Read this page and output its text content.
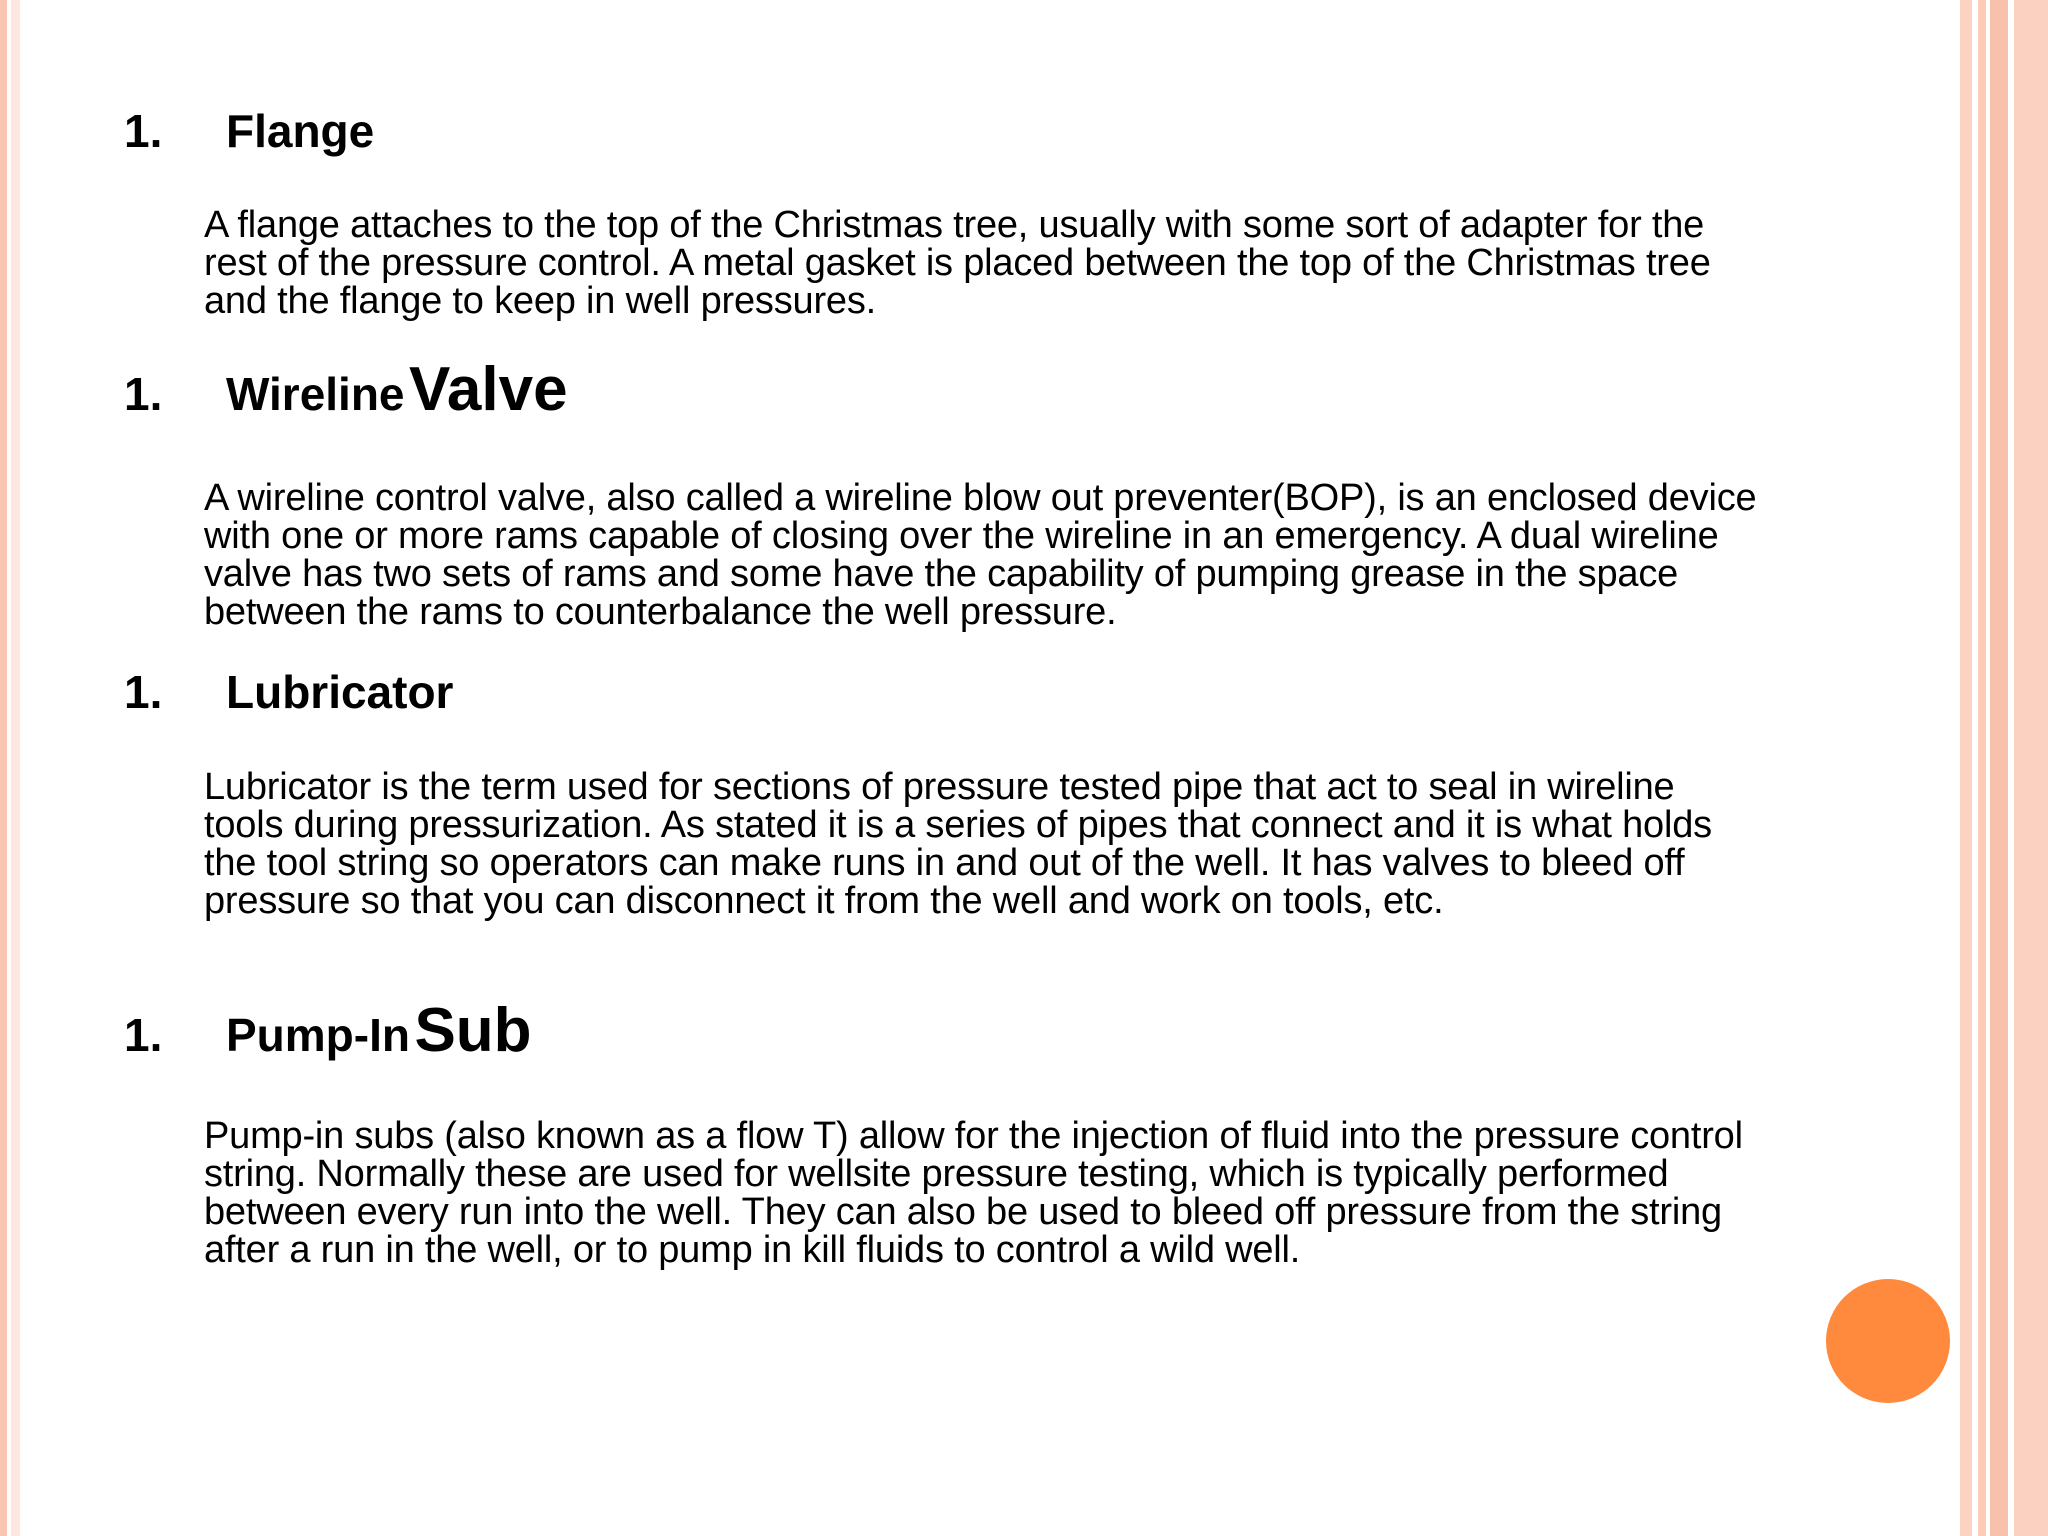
1. Flange
A flange attaches to the top of the Christmas tree, usually with some sort of adapter for the rest of the pressure control. A metal gasket is placed between the top of the Christmas tree and the flange to keep in well pressures.
1. Wireline Valve
A wireline control valve, also called a wireline blow out preventer(BOP), is an enclosed device with one or more rams capable of closing over the wireline in an emergency. A dual wireline valve has two sets of rams and some have the capability of pumping grease in the space between the rams to counterbalance the well pressure.
1. Lubricator
Lubricator is the term used for sections of pressure tested pipe that act to seal in wireline tools during pressurization. As stated it is a series of pipes that connect and it is what holds the tool string so operators can make runs in and out of the well. It has valves to bleed off pressure so that you can disconnect it from the well and work on tools, etc.
1. Pump-In Sub
Pump-in subs (also known as a flow T) allow for the injection of fluid into the pressure control string. Normally these are used for wellsite pressure testing, which is typically performed between every run into the well. They can also be used to bleed off pressure from the string after a run in the well, or to pump in kill fluids to control a wild well.
